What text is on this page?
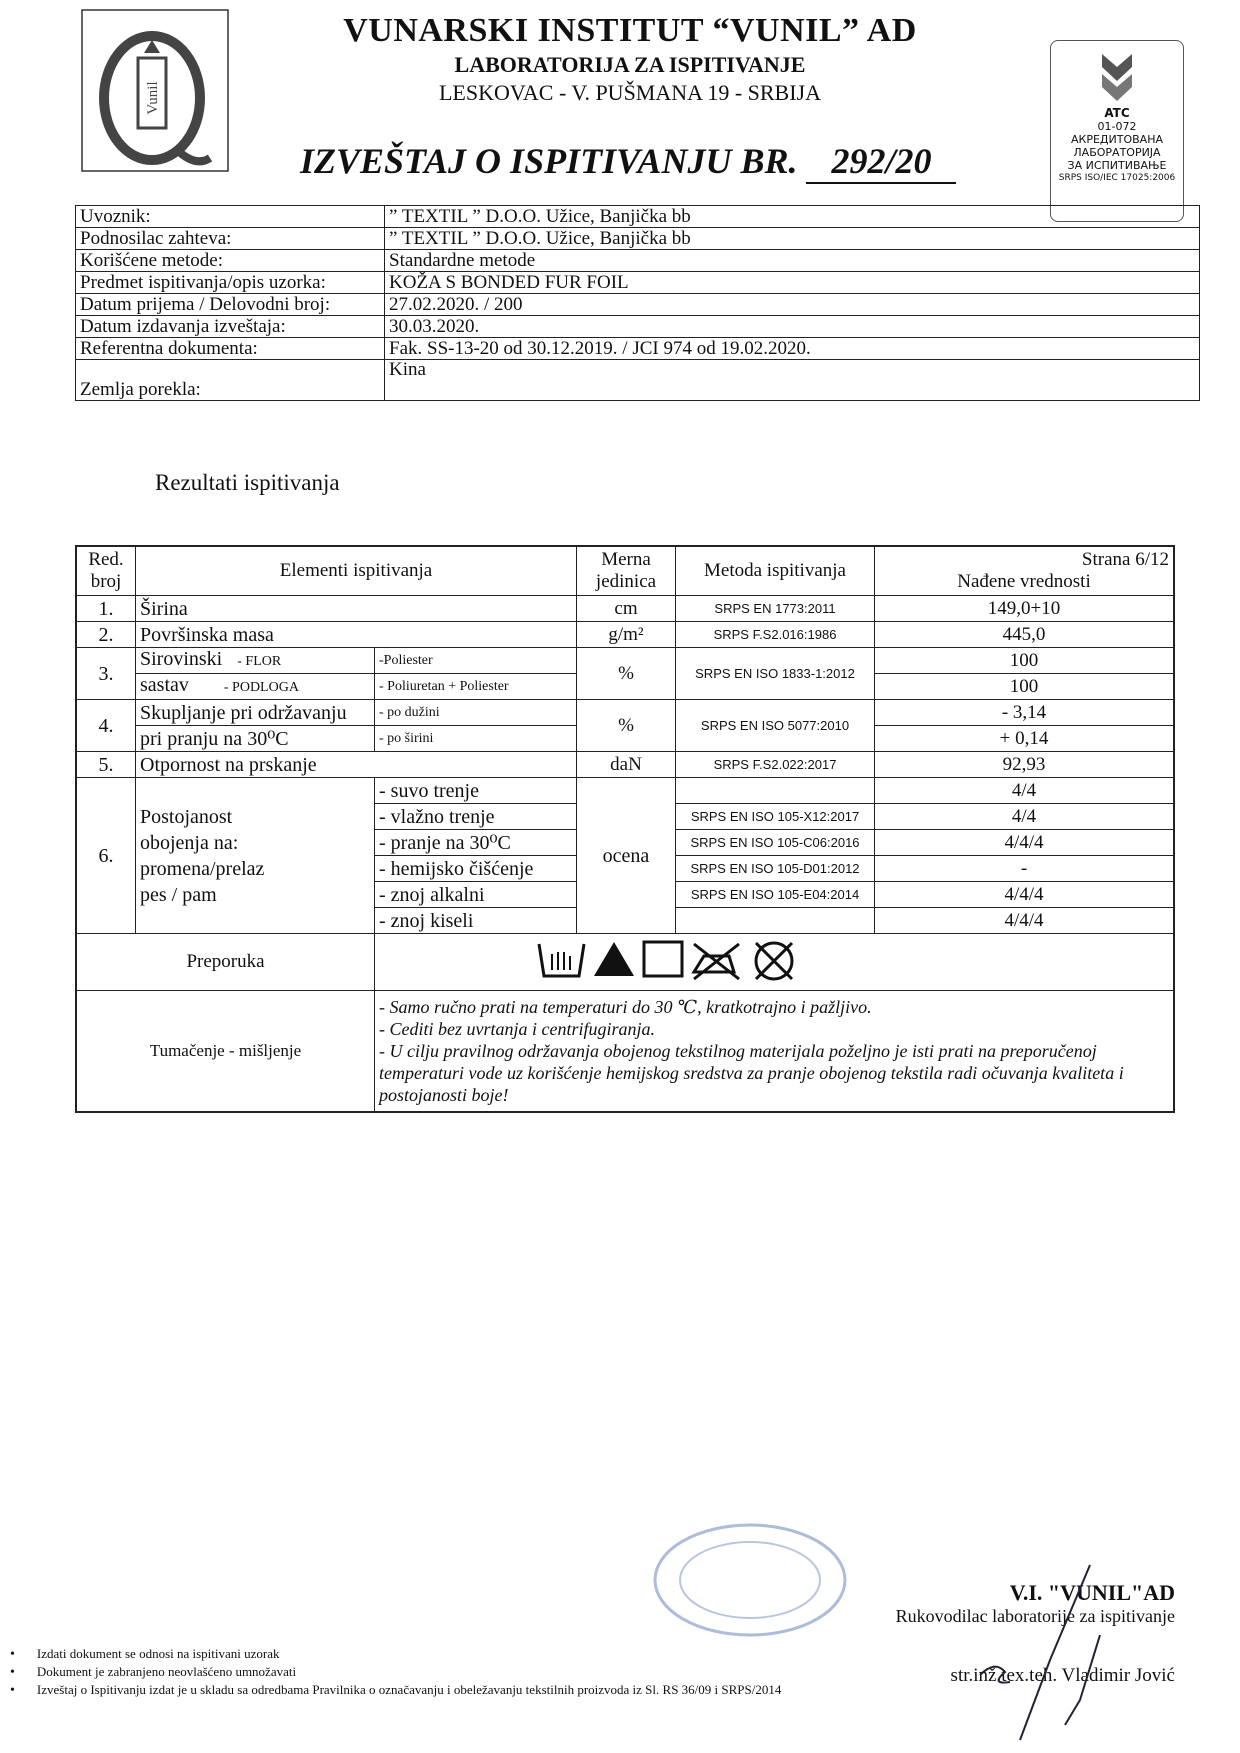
Vunil
VUNARSKI INSTITUT “VUNIL” AD
LABORATORIJA ZA ISPITIVANJE
LESKOVAC - V. PUŠMANA 19 - SRBIJA
IZVEŠTAJ O ISPITIVANJU BR. 292/20
ATC
01-072
АКРЕДИТОВАНА
ЛАБОРАТОРИЈА
ЗА ИСПИТИВАЊЕ
SRPS ISO/IEC 17025:2006
Uvoznik:	” TEXTIL ” D.O.O. Užice, Banjička bb
Podnosilac zahteva:	” TEXTIL ” D.O.O. Užice, Banjička bb
Korišćene metode:	Standardne metode
Predmet ispitivanja/opis uzorka:	KOŽA S BONDED FUR FOIL
Datum prijema / Delovodni broj:	27.02.2020. / 200
Datum izdavanja izveštaja:	30.03.2020.
Referentna dokumenta:	Fak. SS-13-20 od 30.12.2019. / JCI 974 od 19.02.2020.
Zemlja porekla:	Kina
Rezultati ispitivanja
Red. broj	Elementi ispitivanja		Merna jedinica	Metoda ispitivanja	Strana 6/12
Nađene vrednosti

1.	Širina		cm	SRPS EN 1773:2011	149,0+10
2.	Površinska masa		g/m²	SRPS F.S2.016:1986	445,0
3.	Sirovinski - FLOR	-Poliester	%	SRPS EN ISO 1833-1:2012	100
	sastav - PODLOGA	- Poliuretan + Poliester			100
4.	Skupljanje pri održavanju	- po dužini	%	SRPS EN ISO 5077:2010	- 3,14
	pri pranju na 30⁰C	- po širini			+ 0,14
5.	Otpornost na prskanje		daN	SRPS F.S2.022:2017	92,93
6.	Postojanost
obojenja na:
promena/prelaz
pes / pam	- suvo trenje	ocena		4/4
		- vlažno trenje		SRPS EN ISO 105-X12:2017	4/4
		- pranje na 30⁰C		SRPS EN ISO 105-C06:2016	4/4/4
		- hemijsko čišćenje		SRPS EN ISO 105-D01:2012	-
		- znoj alkalni		SRPS EN ISO 105-E04:2014	4/4/4
		- znoj kiseli			4/4/4
Preporuka	
Tumačenje - mišljenje		- Samo ručno prati na temperaturi do 30 ℃, kratkotrajno i pažljivo.
- Cediti bez uvrtanja i centrifugiranja.
- U cilju pravilnog održavanja obojenog tekstilnog materijala poželjno je isti prati na preporučenoj temperaturi vode uz korišćenje hemijskog sredstva za pranje obojenog tekstila radi očuvanja kvaliteta i postojanosti boje!			
V.I. "VUNIL"AD
Rukovodilac laboratorije za ispitivanje
str.inž.tex.teh. Vladimir Jović
• Izdati dokument se odnosi na ispitivani uzorak
• Dokument je zabranjeno neovlašćeno umnožavati
• Izveštaj o Ispitivanju izdat je u skladu sa odredbama Pravilnika o označavanju i obeležavanju tekstilnih proizvoda iz Sl. RS 36/09 i SRPS/2014
